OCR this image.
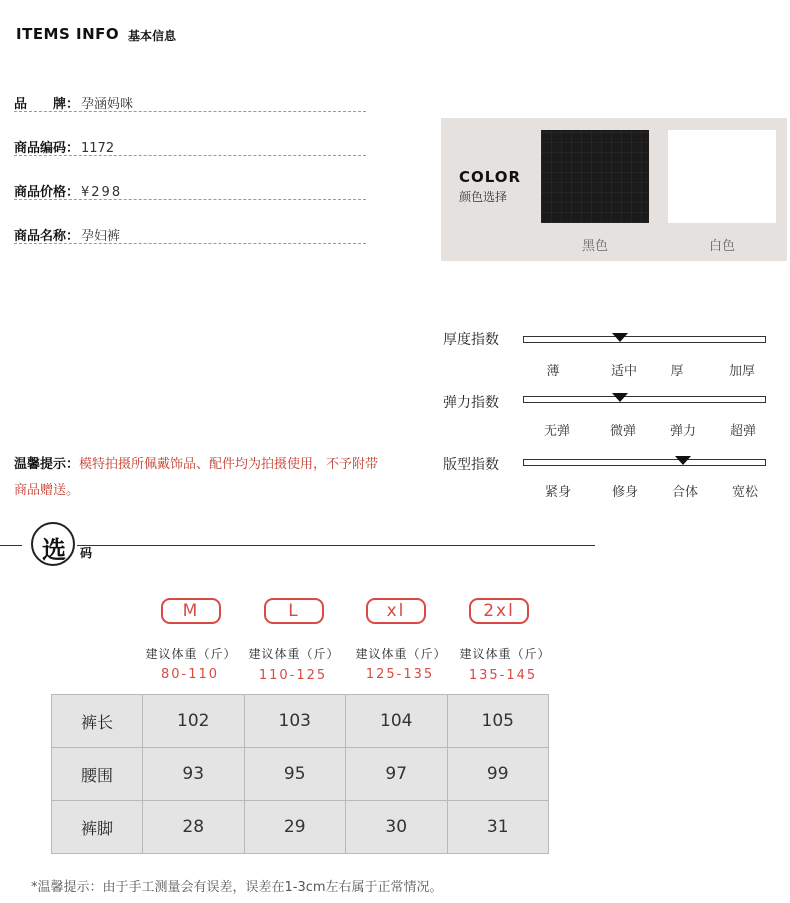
ITEMS INFO 基本信息
品　　牌： 孕涵妈咪
商品编码： 1172
商品价格： ¥298
商品名称： 孕妇裤
COLOR
颜色选择
黑色	白色
厚度指数
薄	适中	厚	加厚
弹力指数
无弹	微弹	弹力	超弹
版型指数
紧身	修身	合体	宽松
温馨提示：模特拍摄所佩戴饰品、配件均为拍摄使用，不予附带商品赠送。
选 码
M	L	xl	2xl
建议体重（斤） 建议体重（斤）	建议体重（斤）	建议体重（斤）
80-110	110-125	125-135	135-145
裤长	102	103	104	105
腰围	93	95	97	99
裤脚	28	29	30	31
*温馨提示：由于手工测量会有误差，误差在1-3cm左右属于正常情况。
